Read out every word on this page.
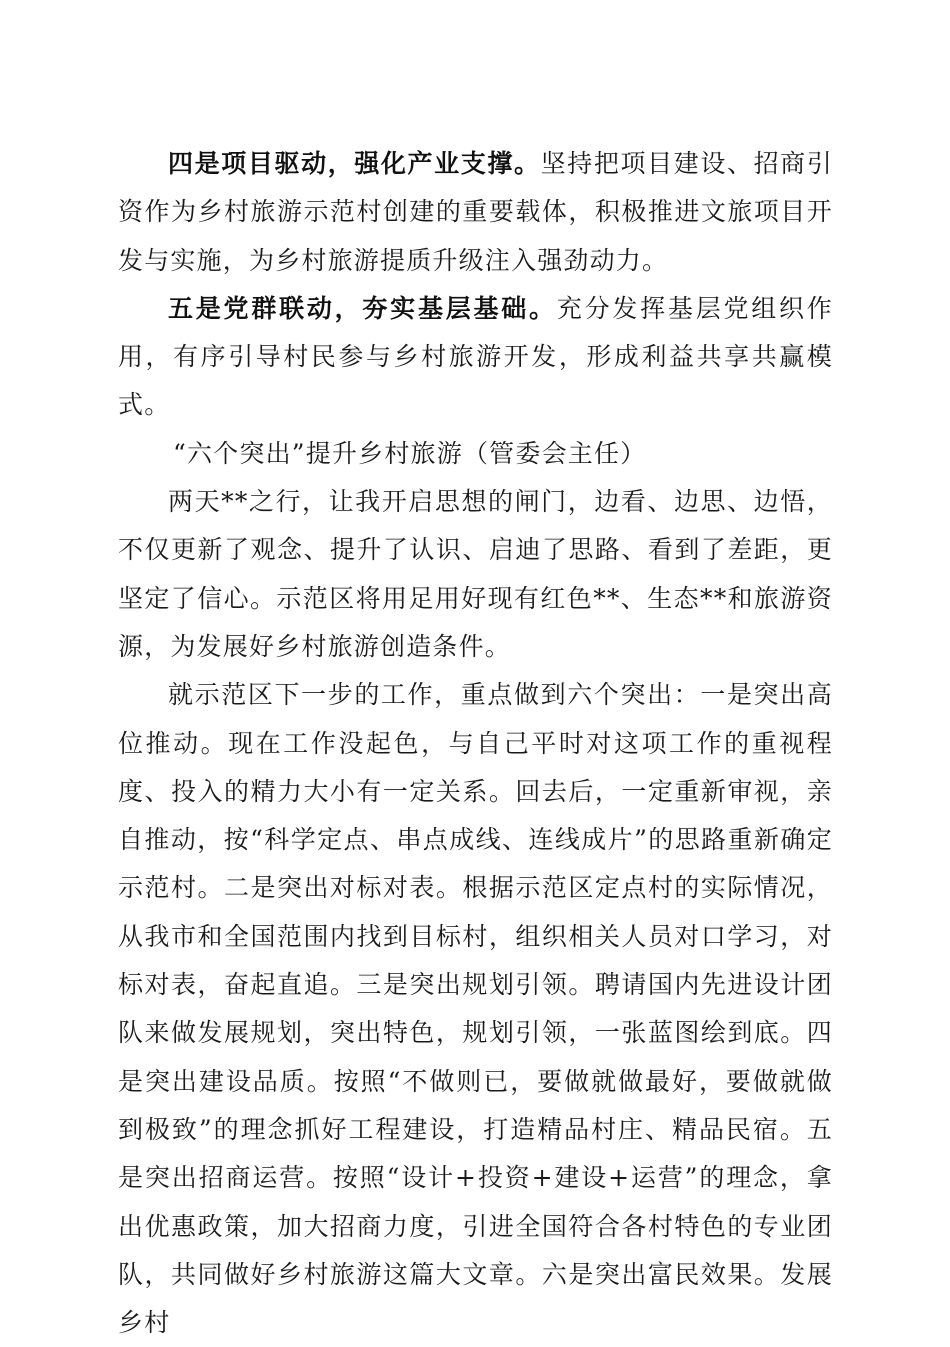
四是项目驱动，强化产业支撑。坚持把项目建设、招商引资作为乡村旅游示范村创建的重要载体，积极推进文旅项目开发与实施，为乡村旅游提质升级注入强劲动力。

五是党群联动，夯实基层基础。充分发挥基层党组织作用，有序引导村民参与乡村旅游开发，形成利益共享共赢模式。

“六个突出”提升乡村旅游（管委会主任）

两天**之行，让我开启思想的闸门，边看、边思、边悟，不仅更新了观念、提升了认识、启迪了思路、看到了差距，更坚定了信心。示范区将用足用好现有红色**、生态**和旅游资源，为发展好乡村旅游创造条件。

就示范区下一步的工作，重点做到六个突出：一是突出高位推动。现在工作没起色，与自己平时对这项工作的重视程度、投入的精力大小有一定关系。回去后，一定重新审视，亲自推动，按“科学定点、串点成线、连线成片”的思路重新确定示范村。二是突出对标对表。根据示范区定点村的实际情况，从我市和全国范围内找到目标村，组织相关人员对口学习，对标对表，奋起直追。三是突出规划引领。聘请国内先进设计团队来做发展规划，突出特色，规划引领，一张蓝图绘到底。四是突出建设品质。按照“不做则已，要做就做最好，要做就做到极致”的理念抓好工程建设，打造精品村庄、精品民宿。五是突出招商运营。按照“设计+投资+建设+运营”的理念，拿出优惠政策，加大招商力度，引进全国符合各村特色的专业团队，共同做好乡村旅游这篇大文章。六是突出富民效果。发展乡村
